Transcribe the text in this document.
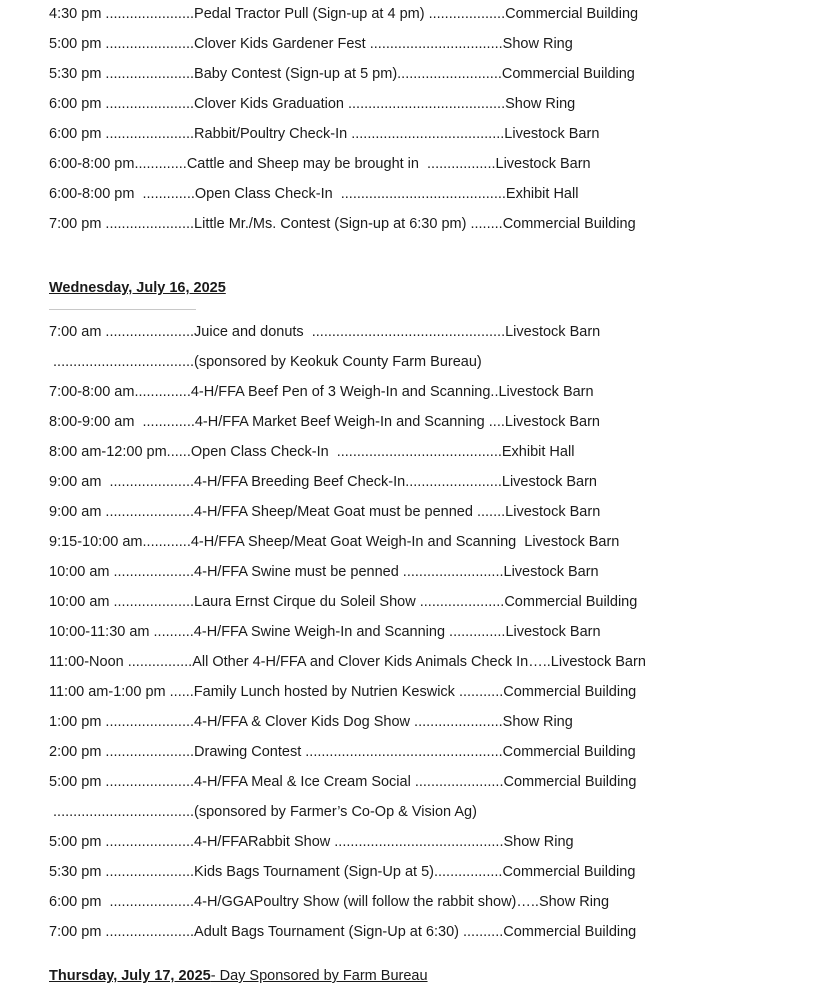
4:30 pm ......................Pedal Tractor Pull (Sign-up at 4 pm) ...................Commercial Building
5:00 pm ......................Clover Kids Gardener Fest .................................Show Ring
5:30 pm ......................Baby Contest (Sign-up at 5 pm)..........................Commercial Building
6:00 pm ......................Clover Kids Graduation .......................................Show Ring
6:00 pm ......................Rabbit/Poultry Check-In ......................................Livestock Barn
6:00-8:00 pm.............Cattle and Sheep may be brought in  .................Livestock Barn
6:00-8:00 pm  .............Open Class Check-In  .........................................Exhibit Hall
7:00 pm ......................Little Mr./Ms. Contest (Sign-up at 6:30 pm) ........Commercial Building
Wednesday, July 16, 2025
7:00 am ......................Juice and donuts  ................................................Livestock Barn
...................................(sponsored by Keokuk County Farm Bureau)
7:00-8:00 am..............4-H/FFA Beef Pen of 3 Weigh-In and Scanning..Livestock Barn
8:00-9:00 am  .............4-H/FFA Market Beef Weigh-In and Scanning ....Livestock Barn
8:00 am-12:00 pm......Open Class Check-In  .........................................Exhibit Hall
9:00 am  .....................4-H/FFA Breeding Beef Check-In........................Livestock Barn
9:00 am ......................4-H/FFA Sheep/Meat Goat must be penned .......Livestock Barn
9:15-10:00 am............4-H/FFA Sheep/Meat Goat Weigh-In and Scanning  Livestock Barn
10:00 am ....................4-H/FFA Swine must be penned .........................Livestock Barn
10:00 am ....................Laura Ernst Cirque du Soleil Show .....................Commercial Building
10:00-11:30 am ..........4-H/FFA Swine Weigh-In and Scanning ..............Livestock Barn
11:00-Noon ................All Other 4-H/FFA and Clover Kids Animals Check In…..Livestock Barn
11:00 am-1:00 pm ......Family Lunch hosted by Nutrien Keswick ...........Commercial Building
1:00 pm ......................4-H/FFA & Clover Kids Dog Show ......................Show Ring
2:00 pm ......................Drawing Contest .................................................Commercial Building
5:00 pm ......................4-H/FFA Meal & Ice Cream Social ......................Commercial Building
...................................(sponsored by Farmer’s Co-Op & Vision Ag)
5:00 pm ......................4-H/FFARabbit Show ..........................................Show Ring
5:30 pm ......................Kids Bags Tournament (Sign-Up at 5).................Commercial Building
6:00 pm  .....................4-H/GGAPoultry Show (will follow the rabbit show)…..Show Ring
7:00 pm ......................Adult Bags Tournament (Sign-Up at 6:30) ..........Commercial Building
Thursday, July 17, 2025- Day Sponsored by Farm Bureau
